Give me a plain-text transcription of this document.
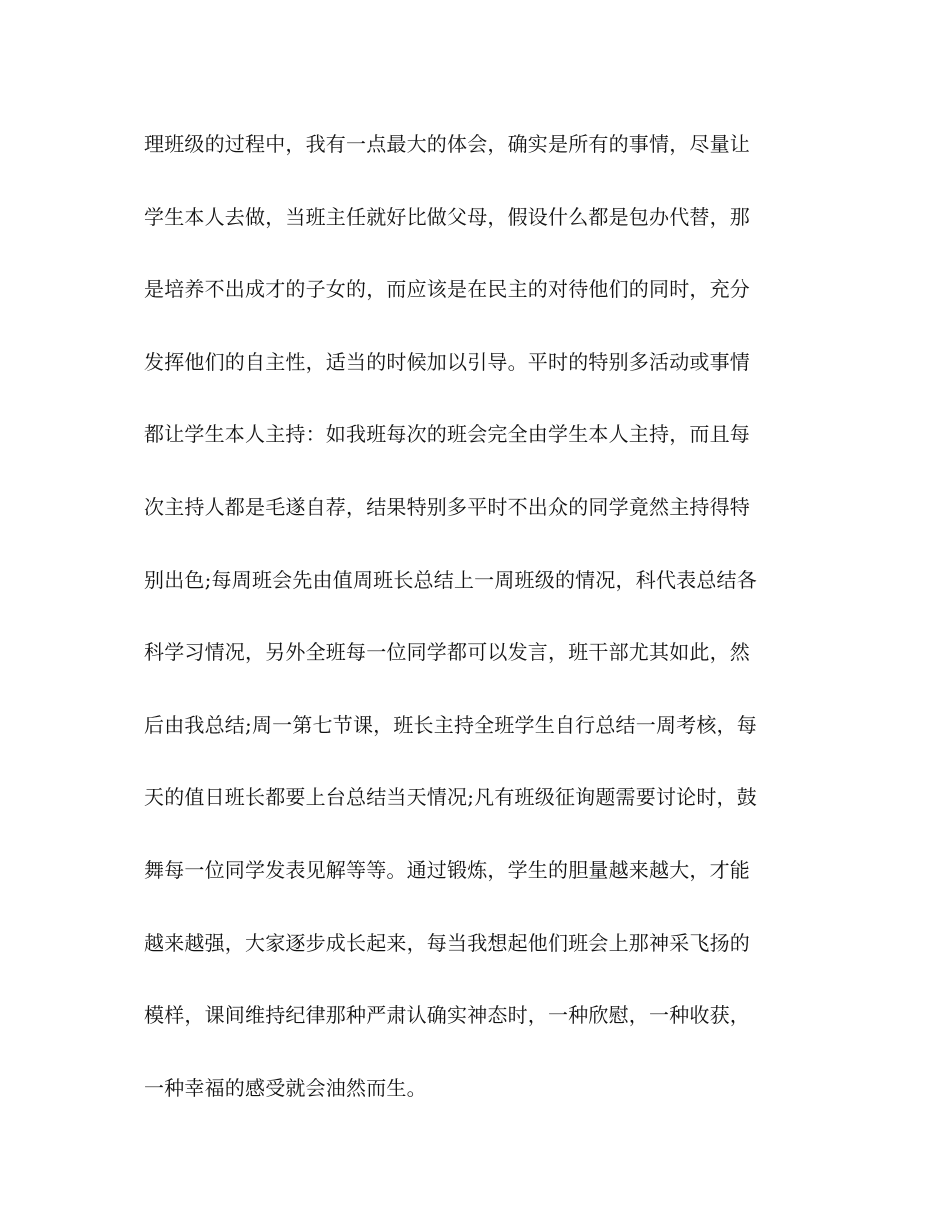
理班级的过程中，我有一点最大的体会，确实是所有的事情，尽量让
学生本人去做，当班主任就好比做父母，假设什么都是包办代替，那
是培养不出成才的子女的，而应该是在民主的对待他们的同时，充分
发挥他们的自主性，适当的时候加以引导。平时的特别多活动或事情
都让学生本人主持：如我班每次的班会完全由学生本人主持，而且每
次主持人都是毛遂自荐，结果特别多平时不出众的同学竟然主持得特
别出色;每周班会先由值周班长总结上一周班级的情况，科代表总结各
科学习情况，另外全班每一位同学都可以发言，班干部尤其如此，然
后由我总结;周一第七节课，班长主持全班学生自行总结一周考核，每
天的值日班长都要上台总结当天情况;凡有班级征询题需要讨论时，鼓
舞每一位同学发表见解等等。通过锻炼，学生的胆量越来越大，才能
越来越强，大家逐步成长起来，每当我想起他们班会上那神采飞扬的
模样，课间维持纪律那种严肃认确实神态时，一种欣慰，一种收获，
一种幸福的感受就会油然而生。
